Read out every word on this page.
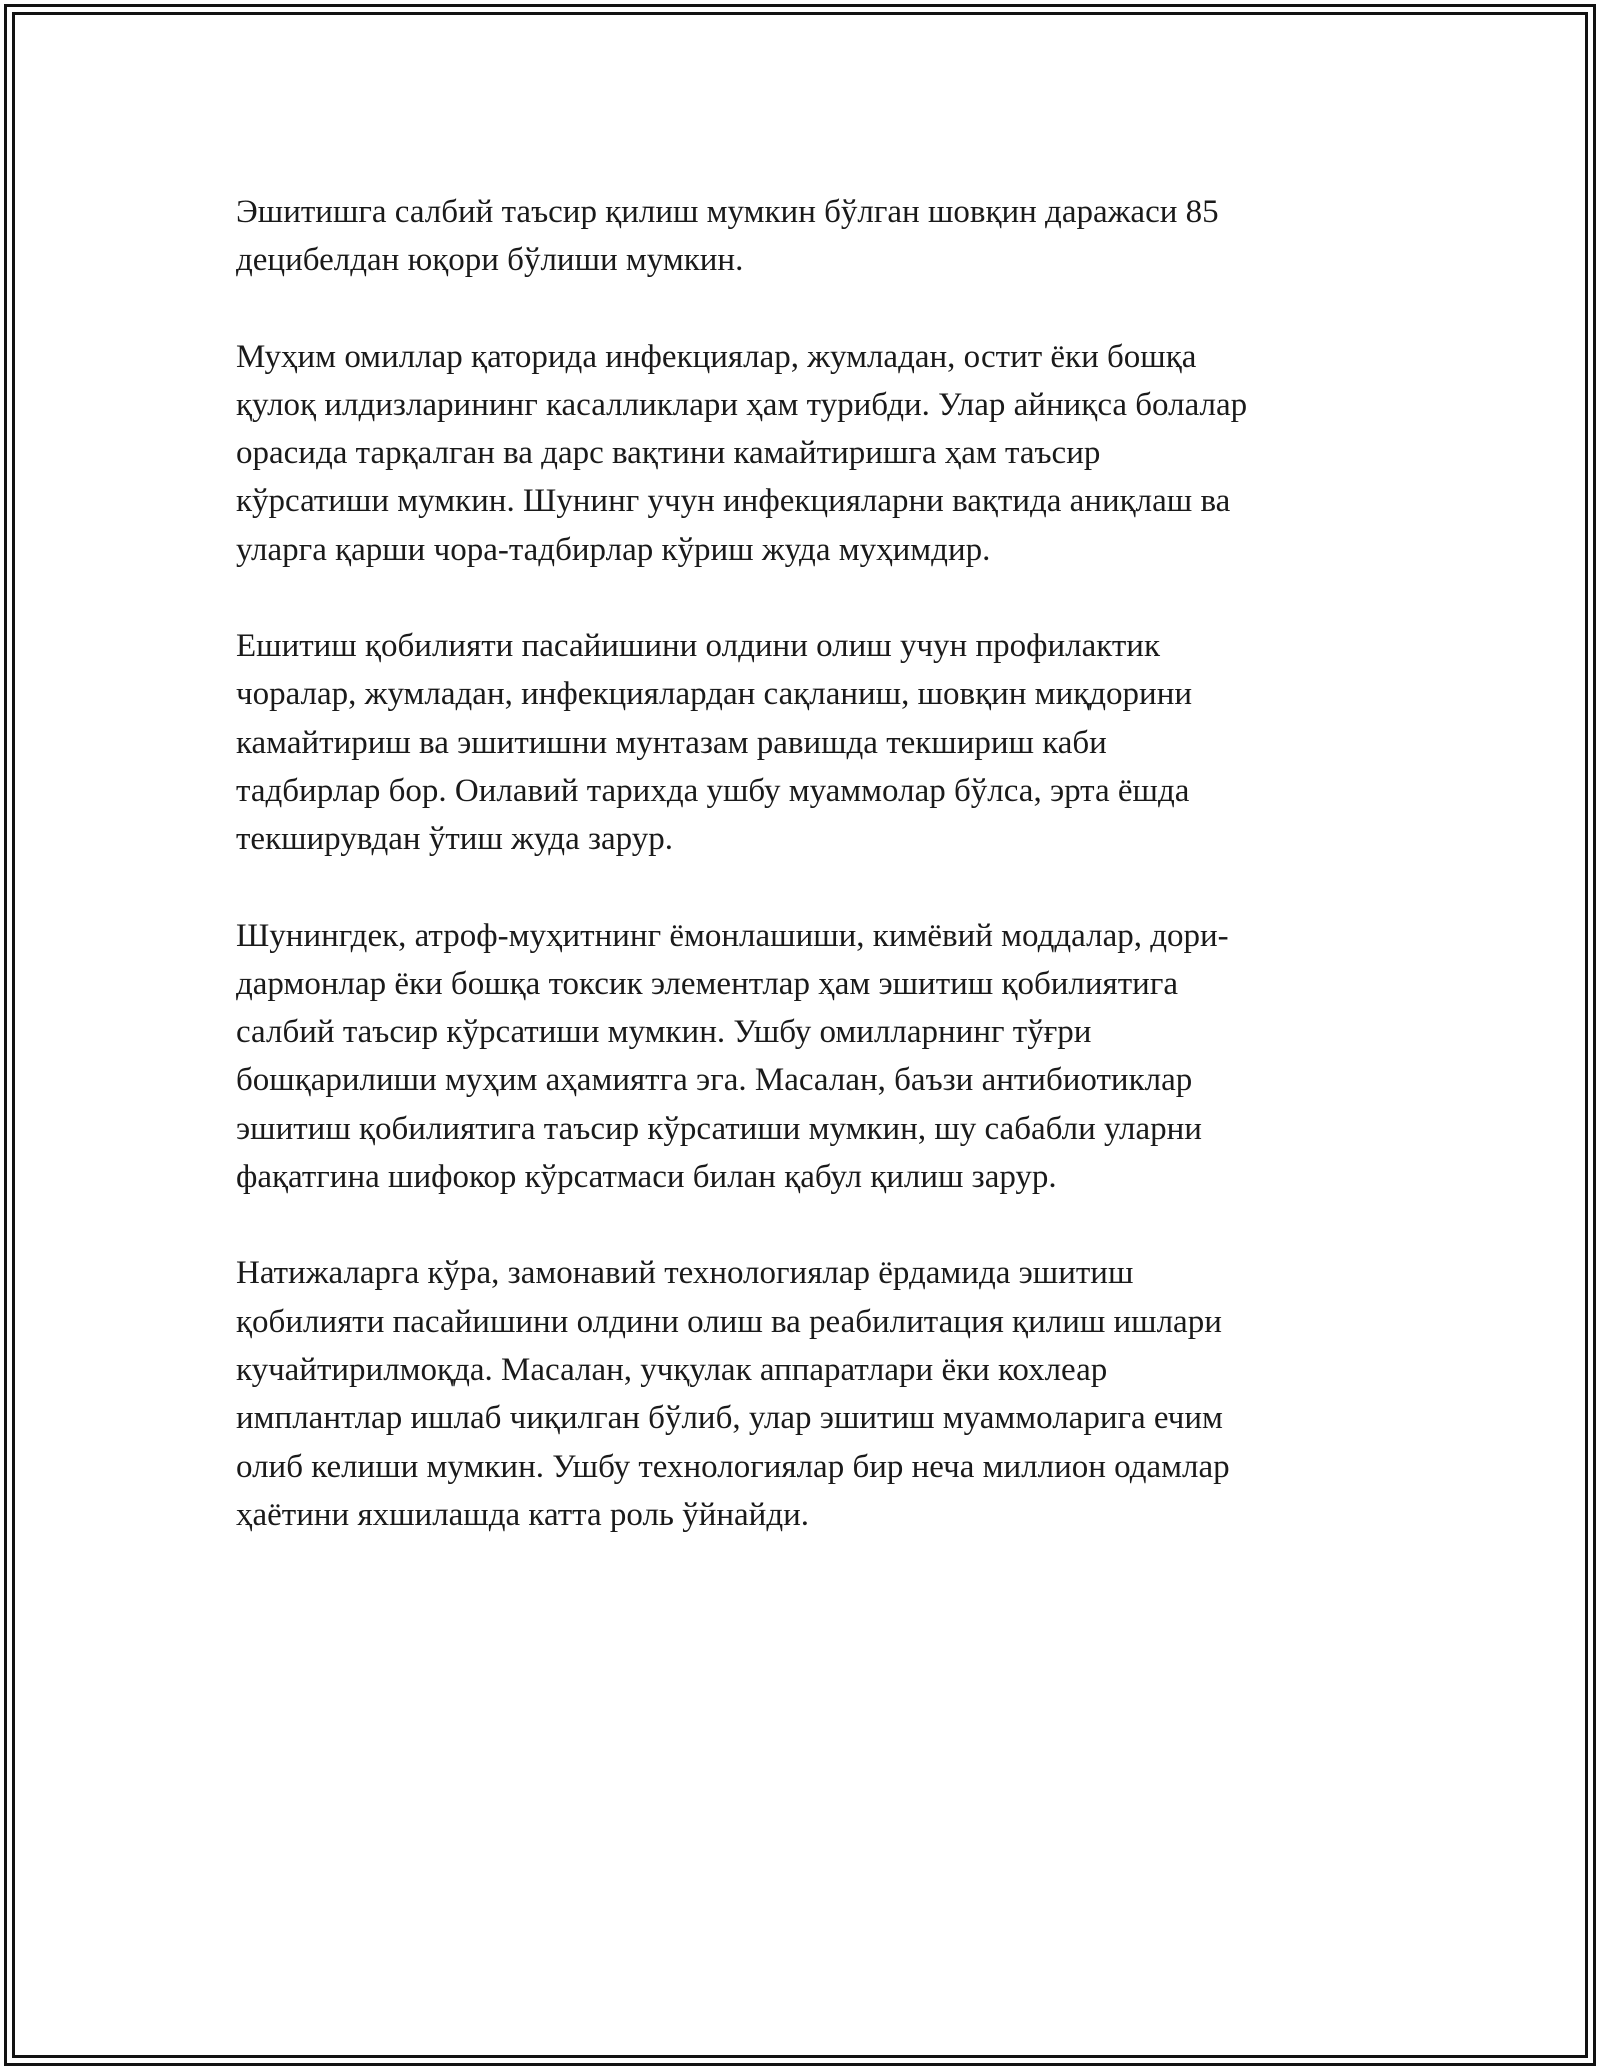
Эшитишга салбий таъсир қилиш мумкин бўлган шовқин даражаси 85
децибелдан юқори бўлиши мумкин.

Муҳим омиллар қаторида инфекциялар, жумладан, остит ёки бошқа
қулоқ илдизларининг касалликлари ҳам турибди. Улар айниқса болалар
орасида тарқалган ва дарс вақтини камайтиришга ҳам таъсир
кўрсатиши мумкин. Шунинг учун инфекцияларни вақтида аниқлаш ва
уларга қарши чора-тадбирлар кўриш жуда муҳимдир.

Ешитиш қобилияти пасайишини олдини олиш учун профилактик
чоралар, жумладан, инфекциялардан сақланиш, шовқин миқдорини
камайтириш ва эшитишни мунтазам равишда текшириш каби
тадбирлар бор. Оилавий тарихда ушбу муаммолар бўлса, эрта ёшда
текширувдан ўтиш жуда зарур.

Шунингдек, атроф-муҳитнинг ёмонлашиши, кимёвий моддалар, дори-
дармонлар ёки бошқа токсик элементлар ҳам эшитиш қобилиятига
салбий таъсир кўрсатиши мумкин. Ушбу омилларнинг тўғри
бошқарилиши муҳим аҳамиятга эга. Масалан, баъзи антибиотиклар
эшитиш қобилиятига таъсир кўрсатиши мумкин, шу сабабли уларни
фақатгина шифокор кўрсатмаси билан қабул қилиш зарур.

Натижаларга кўра, замонавий технологиялар ёрдамида эшитиш
қобилияти пасайишини олдини олиш ва реабилитация қилиш ишлари
кучайтирилмоқда. Масалан, учқулак аппаратлари ёки кохлеар
имплантлар ишлаб чиқилган бўлиб, улар эшитиш муаммоларига ечим
олиб келиши мумкин. Ушбу технологиялар бир неча миллион одамлар
ҳаётини яхшилашда катта роль ўйнайди.
